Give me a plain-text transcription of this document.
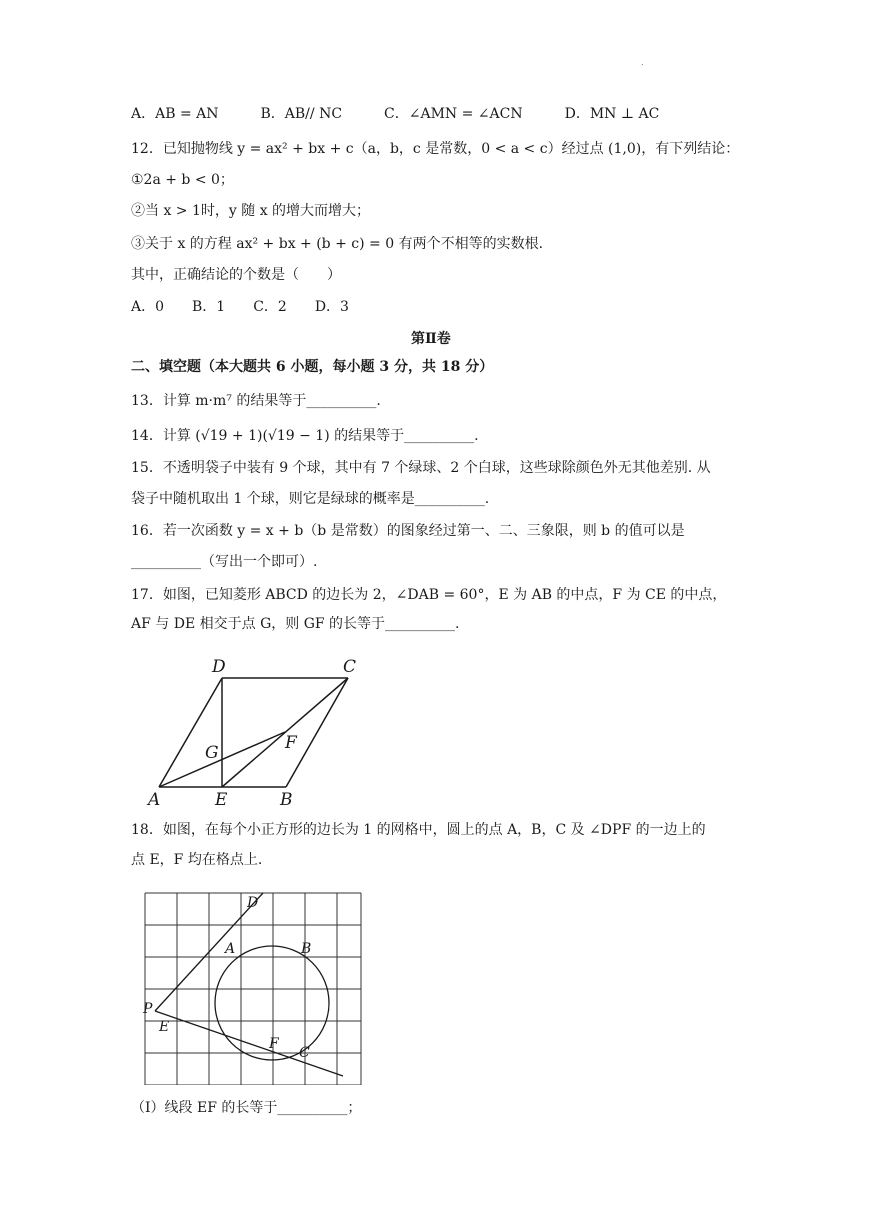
.
A．AB = AN　　　B．AB// NC　　　C．∠AMN = ∠ACN　　　D．MN ⊥ AC
12．已知抛物线 y = ax² + bx + c（a，b，c 是常数，0 < a < c）经过点 (1,0)，有下列结论：
①2a + b < 0；
②当 x > 1时，y 随 x 的增大而增大；
③关于 x 的方程 ax² + bx + (b + c) = 0 有两个不相等的实数根.
其中，正确结论的个数是（　　）
A．0　　B．1　　C．2　　D．3
第Ⅱ卷
二、填空题（本大题共 6 小题，每小题 3 分，共 18 分）
13．计算 m·m⁷ 的结果等于__________.
14．计算 (√19 + 1)(√19 − 1) 的结果等于__________.
15．不透明袋子中装有 9 个球，其中有 7 个绿球、2 个白球，这些球除颜色外无其他差别. 从
袋子中随机取出 1 个球，则它是绿球的概率是__________.
16．若一次函数 y = x + b（b 是常数）的图象经过第一、二、三象限，则 b 的值可以是
__________（写出一个即可）.
17．如图，已知菱形 ABCD 的边长为 2，∠DAB = 60°，E 为 AB 的中点，F 为 CE 的中点，
AF 与 DE 相交于点 G，则 GF 的长等于__________.
D	C
G	F
A	E	B
18．如图，在每个小正方形的边长为 1 的网格中，圆上的点 A，B，C 及 ∠DPF 的一边上的
点 E，F 均在格点上.
D
A	B
P
E
F
C
（Ⅰ）线段 EF 的长等于__________；
